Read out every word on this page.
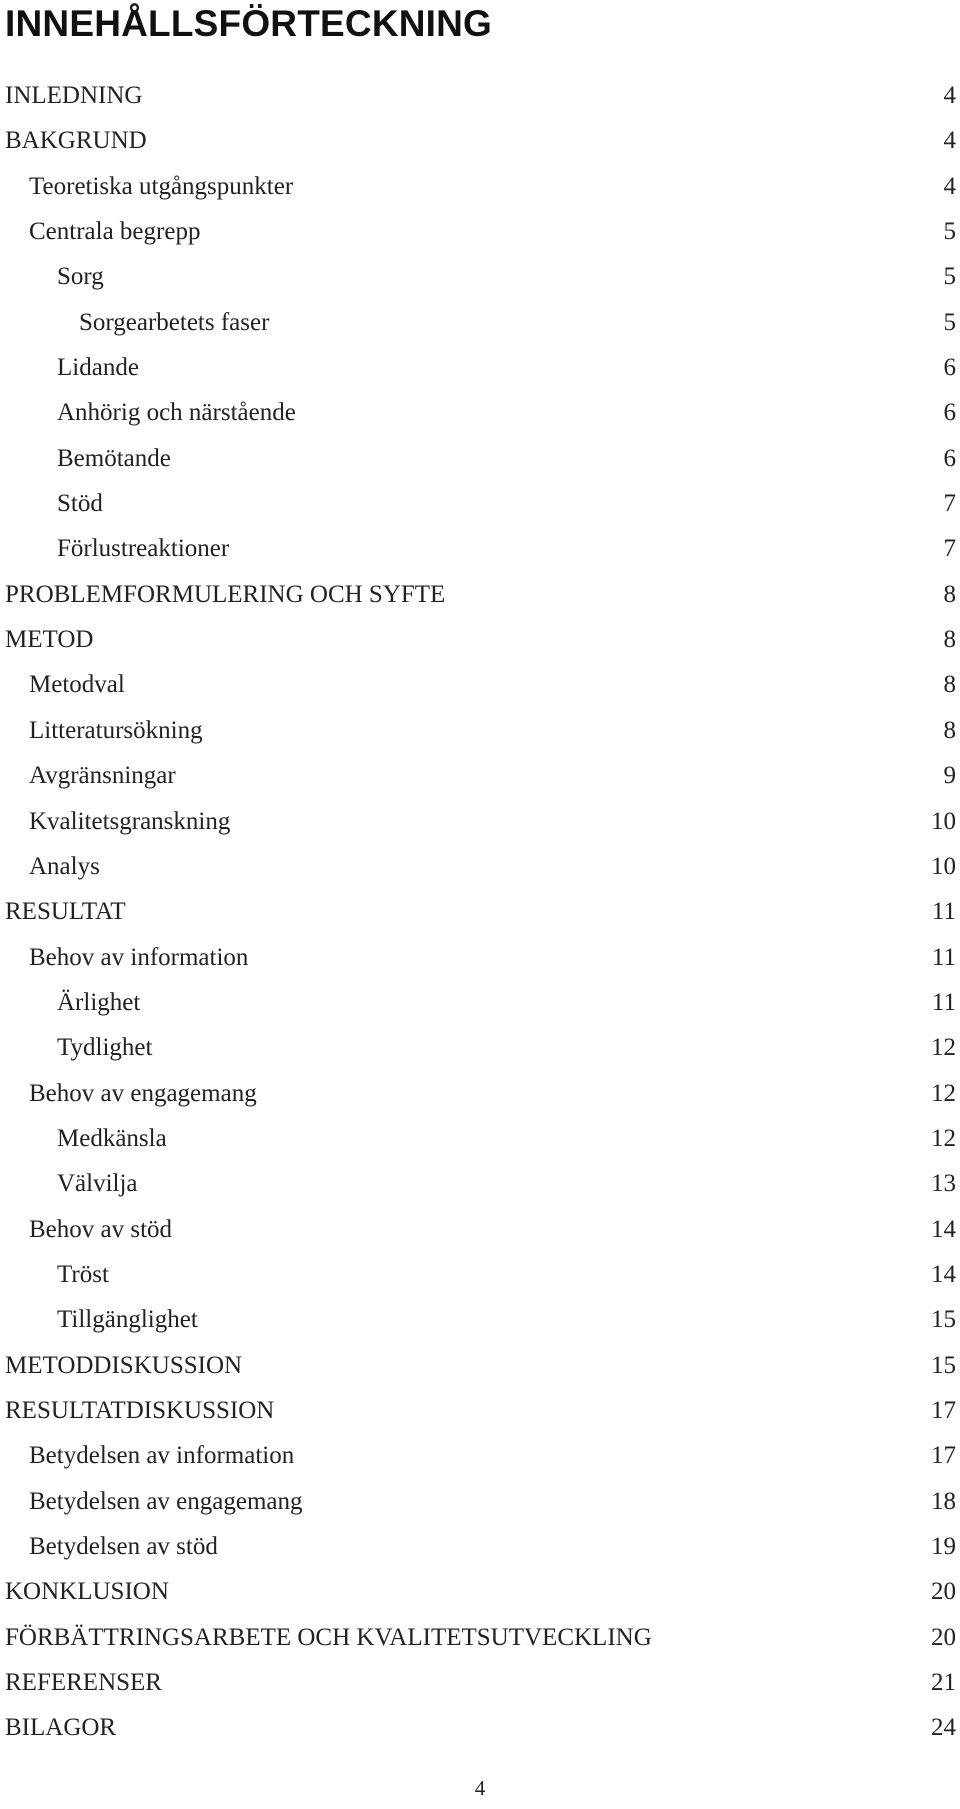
INNEHÅLLSFÖRTECKNING
INLEDNING	4
BAKGRUND	4
Teoretiska utgångspunkter	4
Centrala begrepp	5
Sorg	5
Sorgearbetets faser	5
Lidande	6
Anhörig och närstående	6
Bemötande	6
Stöd	7
Förlustreaktioner	7
PROBLEMFORMULERING OCH SYFTE	8
METOD	8
Metodval	8
Litteratursökning	8
Avgränsningar	9
Kvalitetsgranskning	10
Analys	10
RESULTAT	11
Behov av information	11
Ärlighet	11
Tydlighet	12
Behov av engagemang	12
Medkänsla	12
Välvilja	13
Behov av stöd	14
Tröst	14
Tillgänglighet	15
METODDISKUSSION	15
RESULTATDISKUSSION	17
Betydelsen av information	17
Betydelsen av engagemang	18
Betydelsen av stöd	19
KONKLUSION	20
FÖRBÄTTRINGSARBETE OCH KVALITETSUTVECKLING	20
REFERENSER	21
BILAGOR	24
4
